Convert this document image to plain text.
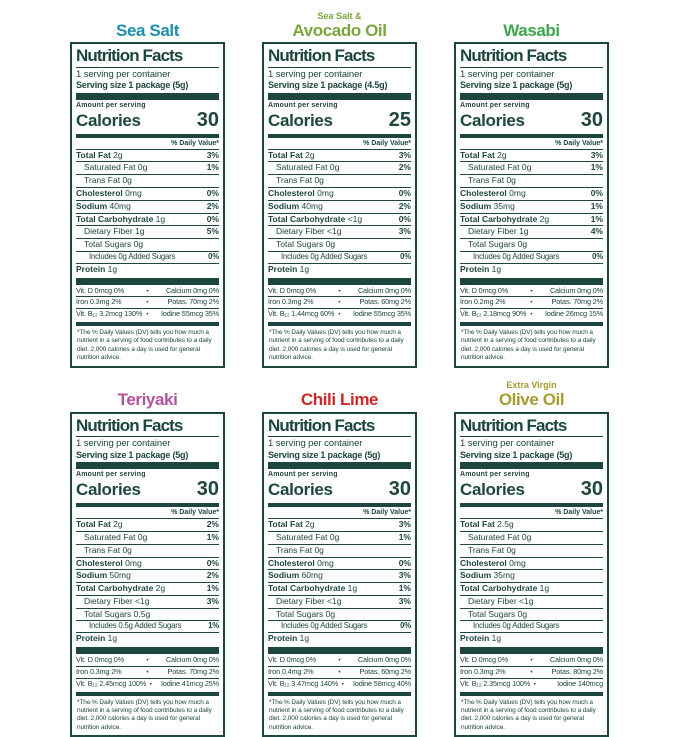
Sea Salt
Nutrition Facts
1 serving per container
Serving size 1 package (5g)
Amount per serving
Calories	30
% Daily Value*
Total Fat 2g	3%
Saturated Fat 0g	1%
Trans Fat 0g
Cholesterol 0mg	0%
Sodium 40mg	2%
Total Carbohydrate 1g	0%
Dietary Fiber 1g	5%
Total Sugars 0g
Includes 0g Added Sugars	0%
Protein 1g
Vit. D 0mcg 0%	•	Calcium 0mg 0%
Iron 0.3mg 2%	•	Potas. 70mg 2%
Vit. B₁₂ 3.2mcg 130% •	Iodine 55mcg 35%
*The % Daily Values (DV) tells you how much a nutrient in a serving of food contributes to a daily diet. 2,000 calories a day is used for general nutrition advice.
Sea Salt &
Avocado Oil
Nutrition Facts
1 serving per container
Serving size 1 package (4.5g)
Amount per serving
Calories	25
% Daily Value*
Total Fat 2g	3%
Saturated Fat 0g	2%
Trans Fat 0g
Cholesterol 0mg	0%
Sodium 40mg	2%
Total Carbohydrate <1g	0%
Dietary Fiber <1g	3%
Total Sugars 0g
Includes 0g Added Sugars	0%
Protein 1g
Vit. D 0mcg 0%	•	Calcium 0mg 0%
Iron 0.3mg 2%	•	Potas. 60mg 2%
Vit. B₁₂ 1.44mcg 60% •	Iodine 55mcg 35%
*The % Daily Values (DV) tells you how much a nutrient in a serving of food contributes to a daily diet. 2,000 calories a day is used for general nutrition advice.
Wasabi
Nutrition Facts
1 serving per container
Serving size 1 package (5g)
Amount per serving
Calories	30
% Daily Value*
Total Fat 2g	3%
Saturated Fat 0g	1%
Trans Fat 0g
Cholesterol 0mg	0%
Sodium 35mg	1%
Total Carbohydrate 2g	1%
Dietary Fiber 1g	4%
Total Sugars 0g
Includes 0g Added Sugars	0%
Protein 1g
Vit. D 0mcg 0%	•	Calcium 0mg 0%
Iron 0.2mg 2%	•	Potas. 70mg 2%
Vit. B₁₂ 2.18mcg 90% •	Iodine 26mcg 15%
*The % Daily Values (DV) tells you how much a nutrient in a serving of food contributes to a daily diet. 2,000 calories a day is used for general nutrition advice.
Teriyaki
Nutrition Facts
1 serving per container
Serving size 1 package (5g)
Amount per serving
Calories	30
% Daily Value*
Total Fat 2g	2%
Saturated Fat 0g	1%
Trans Fat 0g
Cholesterol 0mg	0%
Sodium 50mg	2%
Total Carbohydrate 2g	1%
Dietary Fiber <1g	3%
Total Sugars 0.5g
Includes 0.5g Added Sugars	1%
Protein 1g
Vit. D 0mcg 0%	•	Calcium 0mg 0%
Iron 0.3mg 2%	•	Potas. 70mg 2%
Vit. B₁₂ 2.45mcg 100% •	Iodine 41mcg 25%
*The % Daily Values (DV) tells you how much a nutrient in a serving of food contributes to a daily diet. 2,000 calories a day is used for general nutrition advice.
Chili Lime
Nutrition Facts
1 serving per container
Serving size 1 package (5g)
Amount per serving
Calories	30
% Daily Value*
Total Fat 2g	3%
Saturated Fat 0g	1%
Trans Fat 0g
Cholesterol 0mg	0%
Sodium 60mg	3%
Total Carbohydrate 1g	1%
Dietary Fiber <1g	3%
Total Sugars 0g
Includes 0g Added Sugars	0%
Protein 1g
Vit. D 0mcg 0%	•	Calcium 0mg 0%
Iron 0.4mg 2%	•	Potas. 60mg 2%
Vit. B₁₂ 3.47mcg 140% •	Iodine 58mcg 40%
*The % Daily Values (DV) tells you how much a nutrient in a serving of food contributes to a daily diet. 2,000 calories a day is used for general nutrition advice.
Extra Virgin
Olive Oil
Nutrition Facts
1 serving per container
Serving size 1 package (5g)
Amount per serving
Calories	30
% Daily Value*
Total Fat 2.5g
Saturated Fat 0g
Trans Fat 0g
Cholesterol 0mg
Sodium 35mg
Total Carbohydrate 1g
Dietary Fiber <1g
Total Sugars 0g
Includes 0g Added Sugars
Protein 1g
Vit. D 0mcg 0%	•	Calcium 0mg 0%
Iron 0.3mg 2%	•	Potas. 80mg 2%
Vit. B₁₂ 2.35mcg 100% •	Iodine 140mcg
*The % Daily Values (DV) tells you how much a nutrient in a serving of food contributes to a daily diet. 2,000 calories a day is used for general nutrition advice.
